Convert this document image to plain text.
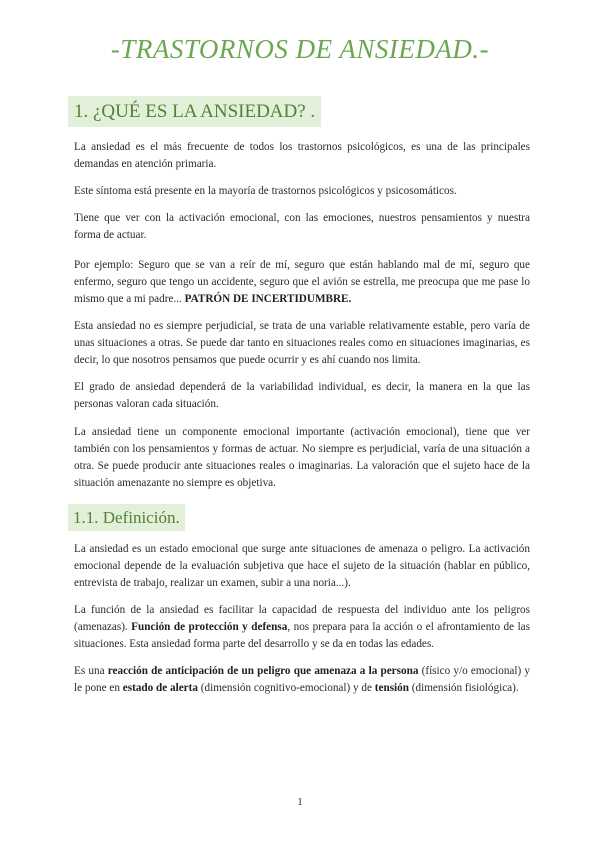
-TRASTORNOS DE ANSIEDAD.-
1. ¿QUÉ ES LA ANSIEDAD? .

La ansiedad es el más frecuente de todos los trastornos psicológicos, es una de las principales demandas en atención primaria.

Este síntoma está presente en la mayoría de trastornos psicológicos y psicosomáticos.

Tiene que ver con la activación emocional, con las emociones, nuestros pensamientos y nuestra forma de actuar.

Por ejemplo: Seguro que se van a reír de mí, seguro que están hablando mal de mí, seguro que enfermo, seguro que tengo un accidente, seguro que el avión se estrella, me preocupa que me pase lo mismo que a mi padre... PATRÓN DE INCERTIDUMBRE.

Esta ansiedad no es siempre perjudicial, se trata de una variable relativamente estable, pero varía de unas situaciones a otras. Se puede dar tanto en situaciones reales como en situaciones imaginarias, es decir, lo que nosotros pensamos que puede ocurrir y es ahí cuando nos limita.

El grado de ansiedad dependerá de la variabilidad individual, es decir, la manera en la que las personas valoran cada situación.

La ansiedad tiene un componente emocional importante (activación emocional), tiene que ver también con los pensamientos y formas de actuar. No siempre es perjudicial, varía de una situación a otra. Se puede producir ante situaciones reales o imaginarias. La valoración que el sujeto hace de la situación amenazante no siempre es objetiva.

1.1. Definición.

La ansiedad es un estado emocional que surge ante situaciones de amenaza o peligro. La activación emocional depende de la evaluación subjetiva que hace el sujeto de la situación (hablar en público, entrevista de trabajo, realizar un examen, subir a una noria...).

La función de la ansiedad es facilitar la capacidad de respuesta del individuo ante los peligros (amenazas). Función de protección y defensa, nos prepara para la acción o el afrontamiento de las situaciones. Esta ansiedad forma parte del desarrollo y se da en todas las edades.

Es una reacción de anticipación de un peligro que amenaza a la persona (físico y/o emocional) y le pone en estado de alerta (dimensión cognitivo-emocional) y de tensión (dimensión fisiológica).

1
